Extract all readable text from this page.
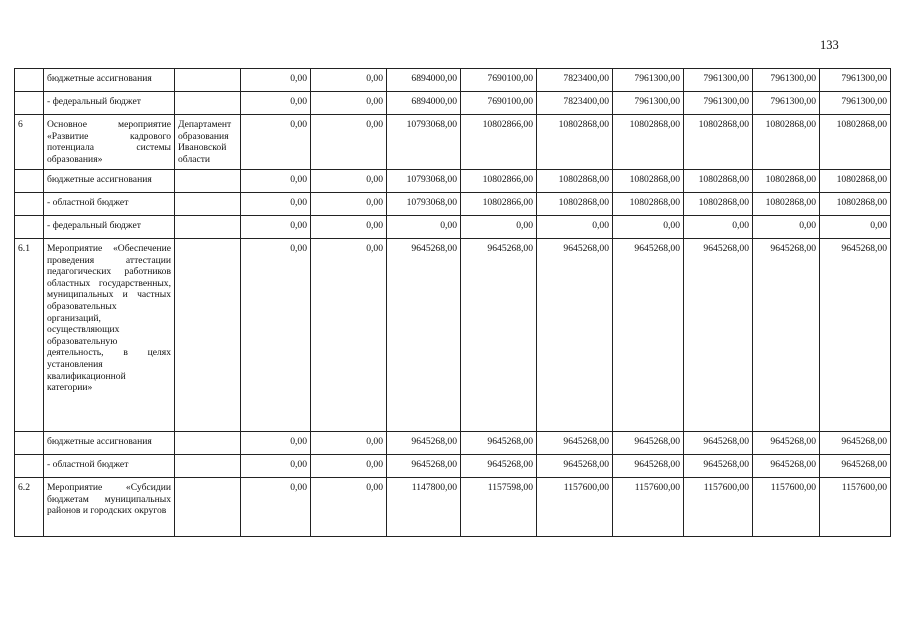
133
	бюджетные ассигнования		0,00	0,00	6894000,00	7690100,00	7823400,00	7961300,00	7961300,00	7961300,00	7961300,00
	- федеральный бюджет		0,00	0,00	6894000,00	7690100,00	7823400,00	7961300,00	7961300,00	7961300,00	7961300,00
6	Основное мероприятие «Развитие кадрового потенциала системы образования»	Департамент образования Ивановской области	0,00	0,00	10793068,00	10802866,00	10802868,00	10802868,00	10802868,00	10802868,00	10802868,00
	бюджетные ассигнования		0,00	0,00	10793068,00	10802866,00	10802868,00	10802868,00	10802868,00	10802868,00	10802868,00
	- областной бюджет		0,00	0,00	10793068,00	10802866,00	10802868,00	10802868,00	10802868,00	10802868,00	10802868,00
	- федеральный бюджет		0,00	0,00	0,00	0,00	0,00	0,00	0,00	0,00	0,00
6.1	Мероприятие «Обеспечение проведения аттестации педагогических работников областных государственных, муниципальных и частных образовательных организаций, осуществляющих образовательную деятельность, в целях установления квалификационной категории»		0,00	0,00	9645268,00	9645268,00	9645268,00	9645268,00	9645268,00	9645268,00	9645268,00
	бюджетные ассигнования		0,00	0,00	9645268,00	9645268,00	9645268,00	9645268,00	9645268,00	9645268,00	9645268,00
	- областной бюджет		0,00	0,00	9645268,00	9645268,00	9645268,00	9645268,00	9645268,00	9645268,00	9645268,00
6.2	Мероприятие «Субсидии бюджетам муниципальных районов и городских округов		0,00	0,00	1147800,00	1157598,00	1157600,00	1157600,00	1157600,00	1157600,00	1157600,00
